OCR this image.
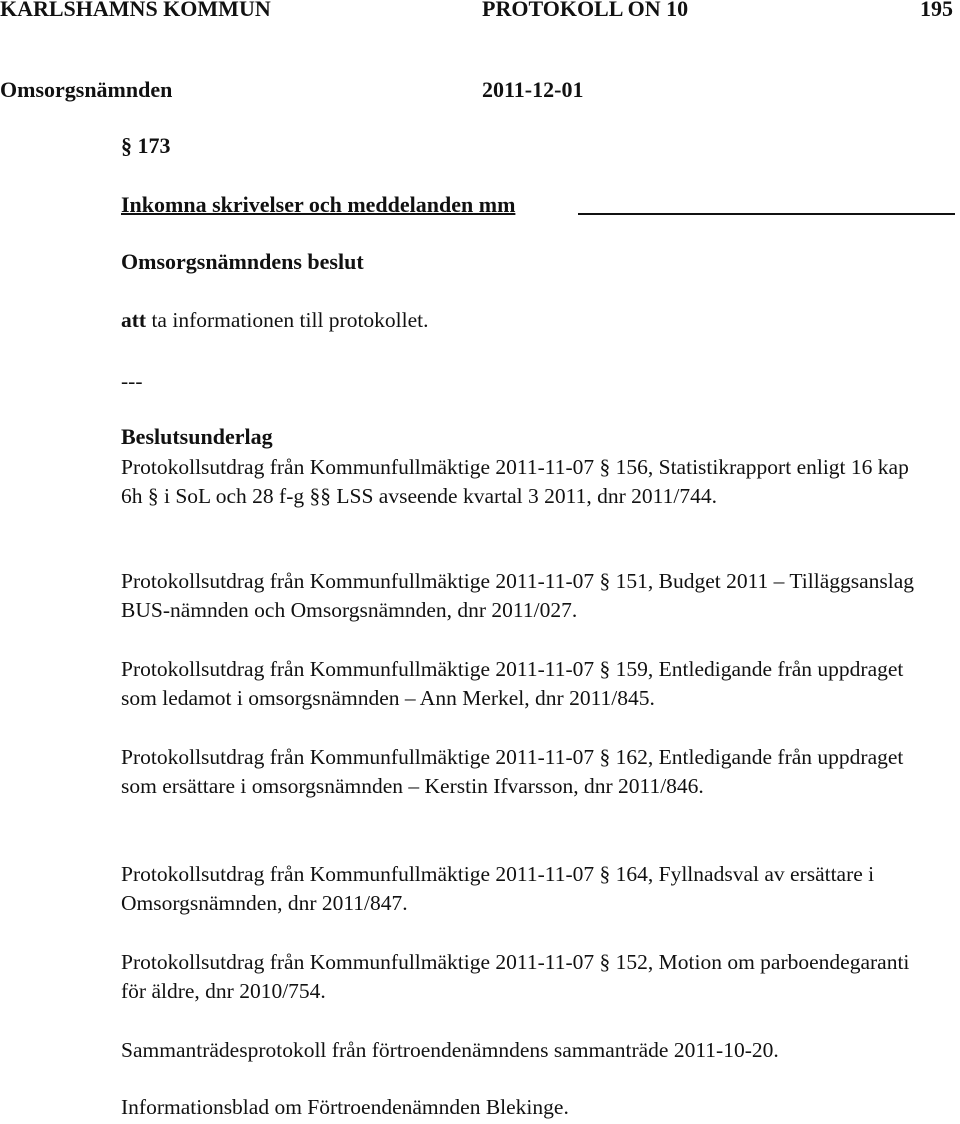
KARLSHAMNS KOMMUN	PROTOKOLL ON 10	195
Omsorgsnämnden	2011-12-01
§ 173
Inkomna skrivelser och meddelanden mm
Omsorgsnämndens beslut
att ta informationen till protokollet.
---
Beslutsunderlag
Protokollsutdrag från Kommunfullmäktige 2011-11-07 § 156, Statistikrapport enligt 16 kap 6h § i SoL och 28 f-g §§ LSS avseende kvartal 3 2011, dnr 2011/744.
Protokollsutdrag från Kommunfullmäktige 2011-11-07 § 151, Budget 2011 – Tilläggsanslag BUS-nämnden och Omsorgsnämnden, dnr 2011/027.
Protokollsutdrag från Kommunfullmäktige 2011-11-07 § 159, Entledigande från uppdraget som ledamot i omsorgsnämnden – Ann Merkel, dnr 2011/845.
Protokollsutdrag från Kommunfullmäktige 2011-11-07 § 162, Entledigande från uppdraget som ersättare i omsorgsnämnden – Kerstin Ifvarsson, dnr 2011/846.
Protokollsutdrag från Kommunfullmäktige 2011-11-07 § 164, Fyllnadsval av ersättare i Omsorgsnämnden, dnr 2011/847.
Protokollsutdrag från Kommunfullmäktige 2011-11-07 § 152, Motion om parboendegaranti för äldre, dnr 2010/754.
Sammanträdesprotokoll från förtroendenämndens sammanträde 2011-10-20.
Informationsblad om Förtroendenämnden Blekinge.
